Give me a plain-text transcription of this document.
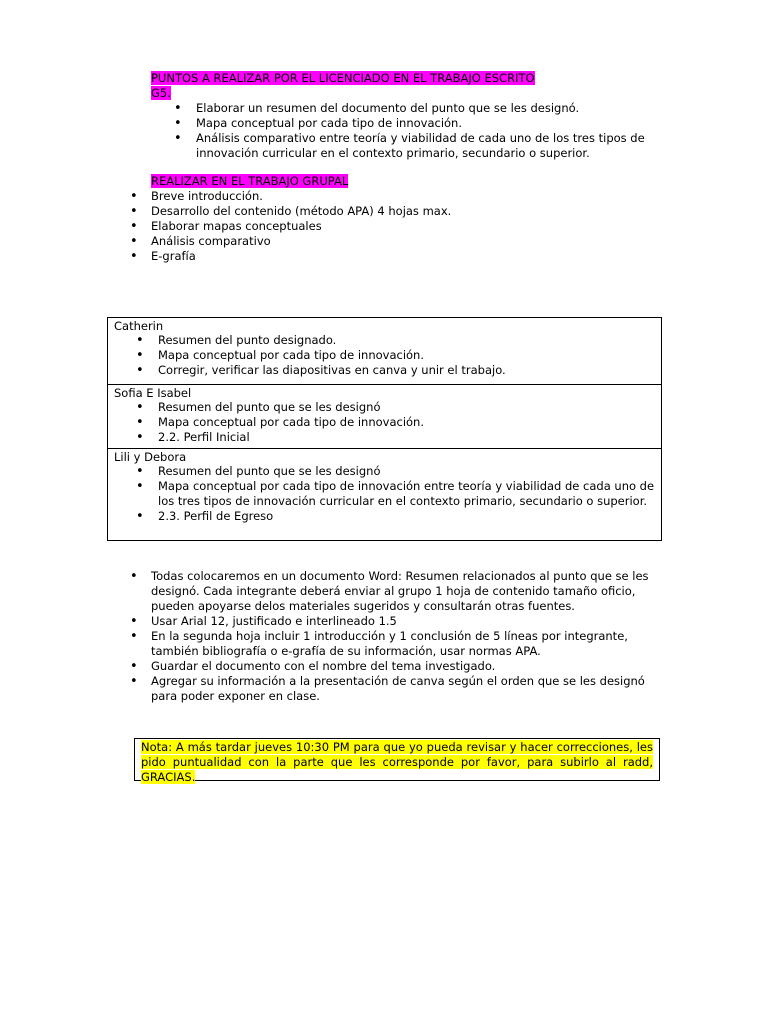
PUNTOS A REALIZAR POR EL LICENCIADO EN EL TRABAJO ESCRITO
G5.
• Elaborar un resumen del documento del punto que se les designó.
• Mapa conceptual por cada tipo de innovación.
• Análisis comparativo entre teoría y viabilidad de cada uno de los tres tipos de innovación curricular en el contexto primario, secundario o superior.
REALIZAR EN EL TRABAJO GRUPAL
• Breve introducción.
• Desarrollo del contenido (método APA) 4 hojas max.
• Elaborar mapas conceptuales
• Análisis comparativo
• E-grafía
Catherin
• Resumen del punto designado.
• Mapa conceptual por cada tipo de innovación.
• Corregir, verificar las diapositivas en canva y unir el trabajo.

Sofia E Isabel
• Resumen del punto que se les designó
• Mapa conceptual por cada tipo de innovación.
• 2.2. Perfil Inicial

Lili y Debora
• Resumen del punto que se les designó
• Mapa conceptual por cada tipo de innovación entre teoría y viabilidad de cada uno de los tres tipos de innovación curricular en el contexto primario, secundario o superior.
• 2.3. Perfil de Egreso
• Todas colocaremos en un documento Word: Resumen relacionados al punto que se les designó. Cada integrante deberá enviar al grupo 1 hoja de contenido tamaño oficio, pueden apoyarse delos materiales sugeridos y consultarán otras fuentes.
• Usar Arial 12, justificado e interlineado 1.5
• En la segunda hoja incluir 1 introducción y 1 conclusión de 5 líneas por integrante, también bibliografía o e-grafía de su información, usar normas APA.
• Guardar el documento con el nombre del tema investigado.
• Agregar su información a la presentación de canva según el orden que se les designó para poder exponer en clase.
Nota: A más tardar jueves 10:30 PM para que yo pueda revisar y hacer correcciones, les pido puntualidad con la parte que les corresponde por favor, para subirlo al radd, GRACIAS.
